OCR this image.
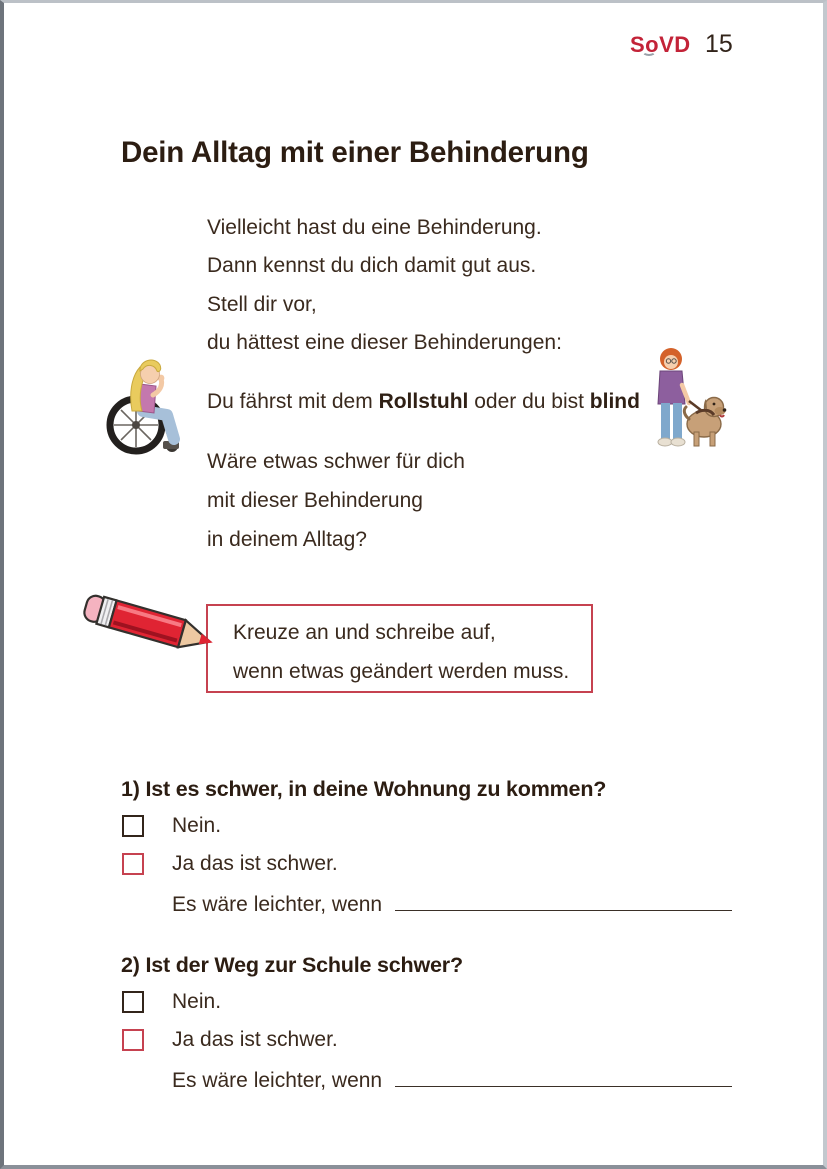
SoVD 15
Dein Alltag mit einer Behinderung
Vielleicht hast du eine Behinderung.
Dann kennst du dich damit gut aus.
Stell dir vor,
du hättest eine dieser Behinderungen:
Du fährst mit dem Rollstuhl oder du bist blind
Wäre etwas schwer für dich
mit dieser Behinderung
in deinem Alltag?

Kreuze an und schreibe auf,

wenn etwas geändert werden muss.

1) Ist es schwer, in deine Wohnung zu kommen?
Nein.
Ja das ist schwer.
Es wäre leichter, wenn
2) Ist der Weg zur Schule schwer?
Nein.
Ja das ist schwer.
Es wäre leichter, wenn
